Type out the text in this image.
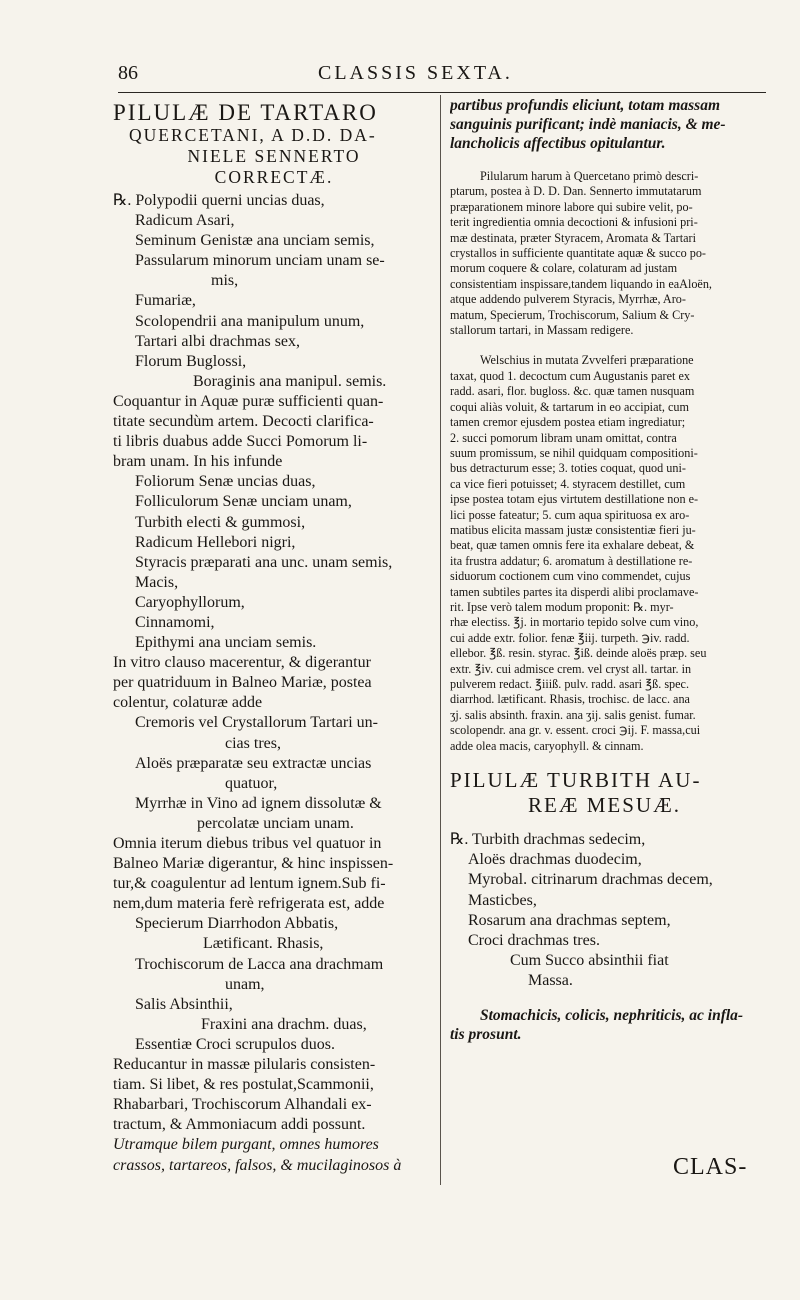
86	CLASSIS SEXTA.
PILULÆ DE TARTARO
QUERCETANI, A D.D. DA-
NIELE SENNERTO
CORRECTÆ.
℞. Polypodii querni uncias duas,
Radicum Asari,
Seminum Genistæ ana unciam semis,
Passularum minorum unciam unam se-
mis,
Fumariæ,
Scolopendrii ana manipulum unum,
Tartari albi drachmas sex,
Florum Buglossi,
Boraginis ana manipul. semis.
Coquantur in Aquæ puræ sufficienti quan-
titate secundùm artem. Decocti clarifica-
ti libris duabus adde Succi Pomorum li-
bram unam. In his infunde
Foliorum Senæ uncias duas,
Folliculorum Senæ unciam unam,
Turbith electi & gummosi,
Radicum Hellebori nigri,
Styracis præparati ana unc. unam semis,
Macis,
Caryophyllorum,
Cinnamomi,
Epithymi ana unciam semis.
In vitro clauso macerentur, & digerantur
per quatriduum in Balneo Mariæ, postea
colentur, colaturæ adde
Cremoris vel Crystallorum Tartari un-
cias tres,
Aloës præparatæ seu extractæ uncias
quatuor,
Myrrhæ in Vino ad ignem dissolutæ &
percolatæ unciam unam.
Omnia iterum diebus tribus vel quatuor in
Balneo Mariæ digerantur, & hinc inspissen-
tur,& coagulentur ad lentum ignem.Sub fi-
nem,dum materia ferè refrigerata est, adde
Specierum Diarrhodon Abbatis,
Lætificant. Rhasis,
Trochiscorum de Lacca ana drachmam
unam,
Salis Absinthii,
Fraxini ana drachm. duas,
Essentiæ Croci scrupulos duos.
Reducantur in massæ pilularis consisten-
tiam. Si libet, & res postulat,Scammonii,
Rhabarbari, Trochiscorum Alhandali ex-
tractum, & Ammoniacum addi possunt.
Utramque bilem purgant, omnes humores
crassos, tartareos, falsos, & mucilaginosos à
partibus profundis eliciunt, totam massam
sanguinis purificant; indè maniacis, & me-
lancholicis affectibus opitulantur.
Pilularum harum à Quercetano primò descri-
ptarum, postea à D. D. Dan. Sennerto immutatarum
præparationem minore labore qui subire velit, po-
terit ingredientia omnia decoctioni & infusioni pri-
mæ destinata, præter Styracem, Aromata & Tartari
crystallos in sufficiente quantitate aquæ & succo po-
morum coquere & colare, colaturam ad justam
consistentiam inspissare,tandem liquando in eaAloën,
atque addendo pulverem Styracis, Myrrhæ, Aro-
matum, Specierum, Trochiscorum, Salium & Cry-
stallorum tartari, in Massam redigere.
Welschius in mutata Zvvelferi præparatione
taxat, quod 1. decoctum cum Augustanis paret ex
radd. asari, flor. bugloss. &c. quæ tamen nusquam
coqui aliàs voluit, & tartarum in eo accipiat, cum
tamen cremor ejusdem postea etiam ingrediatur;
2. succi pomorum libram unam omittat, contra
suum promissum, se nihil quidquam compositioni-
bus detracturum esse; 3. toties coquat, quod uni-
ca vice fieri potuisset; 4. styracem destillet, cum
ipse postea totam ejus virtutem destillatione non e-
lici posse fateatur; 5. cum aqua spirituosa ex aro-
matibus elicita massam justæ consistentiæ fieri ju-
beat, quæ tamen omnis fere ita exhalare debeat, &
ita frustra addatur; 6. aromatum à destillatione re-
siduorum coctionem cum vino commendet, cujus
tamen subtiles partes ita disperdi alibi proclamave-
rit. Ipse verò talem modum proponit: ℞. myr-
rhæ electiss. ℥j. in mortario tepido solve cum vino,
cui adde extr. folior. fenæ ℥iij. turpeth. ℈iv. radd.
ellebor. ℥ß. resin. styrac. ℥iß. deinde aloës præp. seu
extr. ℥iv. cui admisce crem. vel cryst all. tartar. in
pulverem redact. ℥iiiß. pulv. radd. asari ℥ß. spec.
diarrhod. lætificant. Rhasis, trochisc. de lacc. ana
ʒj. salis absinth. fraxin. ana ʒij. salis genist. fumar.
scolopendr. ana gr. v. essent. croci ℈ij. F. massa,cui
adde olea macis, caryophyll. & cinnam.
PILULÆ TURBITH AU-
REÆ MESUÆ.
℞. Turbith drachmas sedecim,
Aloës drachmas duodecim,
Myrobal. citrinarum drachmas decem,
Masticbes,
Rosarum ana drachmas septem,
Croci drachmas tres.
Cum Succo absinthii fiat
Massa.
Stomachicis, colicis, nephriticis, ac infla-
tis prosunt.
CLAS-
